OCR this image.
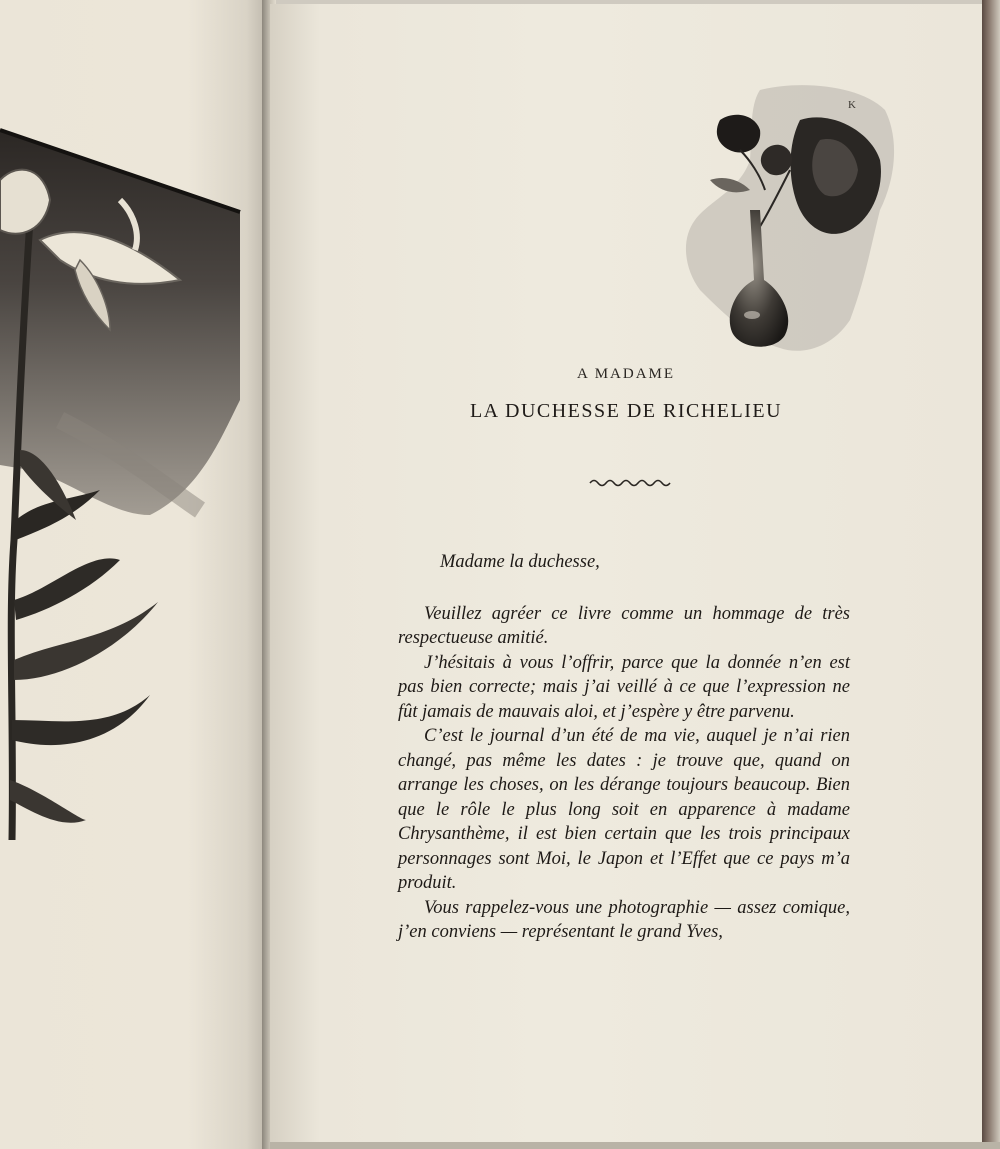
K
A MADAME
LA DUCHESSE DE RICHELIEU

Madame la duchesse,

Veuillez agréer ce livre comme un hommage de très respectueuse amitié.

J’hésitais à vous l’offrir, parce que la donnée n’en est pas bien correcte; mais j’ai veillé à ce que l’expression ne fût jamais de mauvais aloi, et j’espère y être parvenu.

C’est le journal d’un été de ma vie, auquel je n’ai rien changé, pas même les dates : je trouve que, quand on arrange les choses, on les dérange toujours beaucoup. Bien que le rôle le plus long soit en apparence à madame Chrysanthème, il est bien certain que les trois principaux personnages sont Moi, le Japon et l’Effet que ce pays m’a produit.

Vous rappelez-vous une photographie — assez comique, j’en conviens — représentant le grand Yves,
